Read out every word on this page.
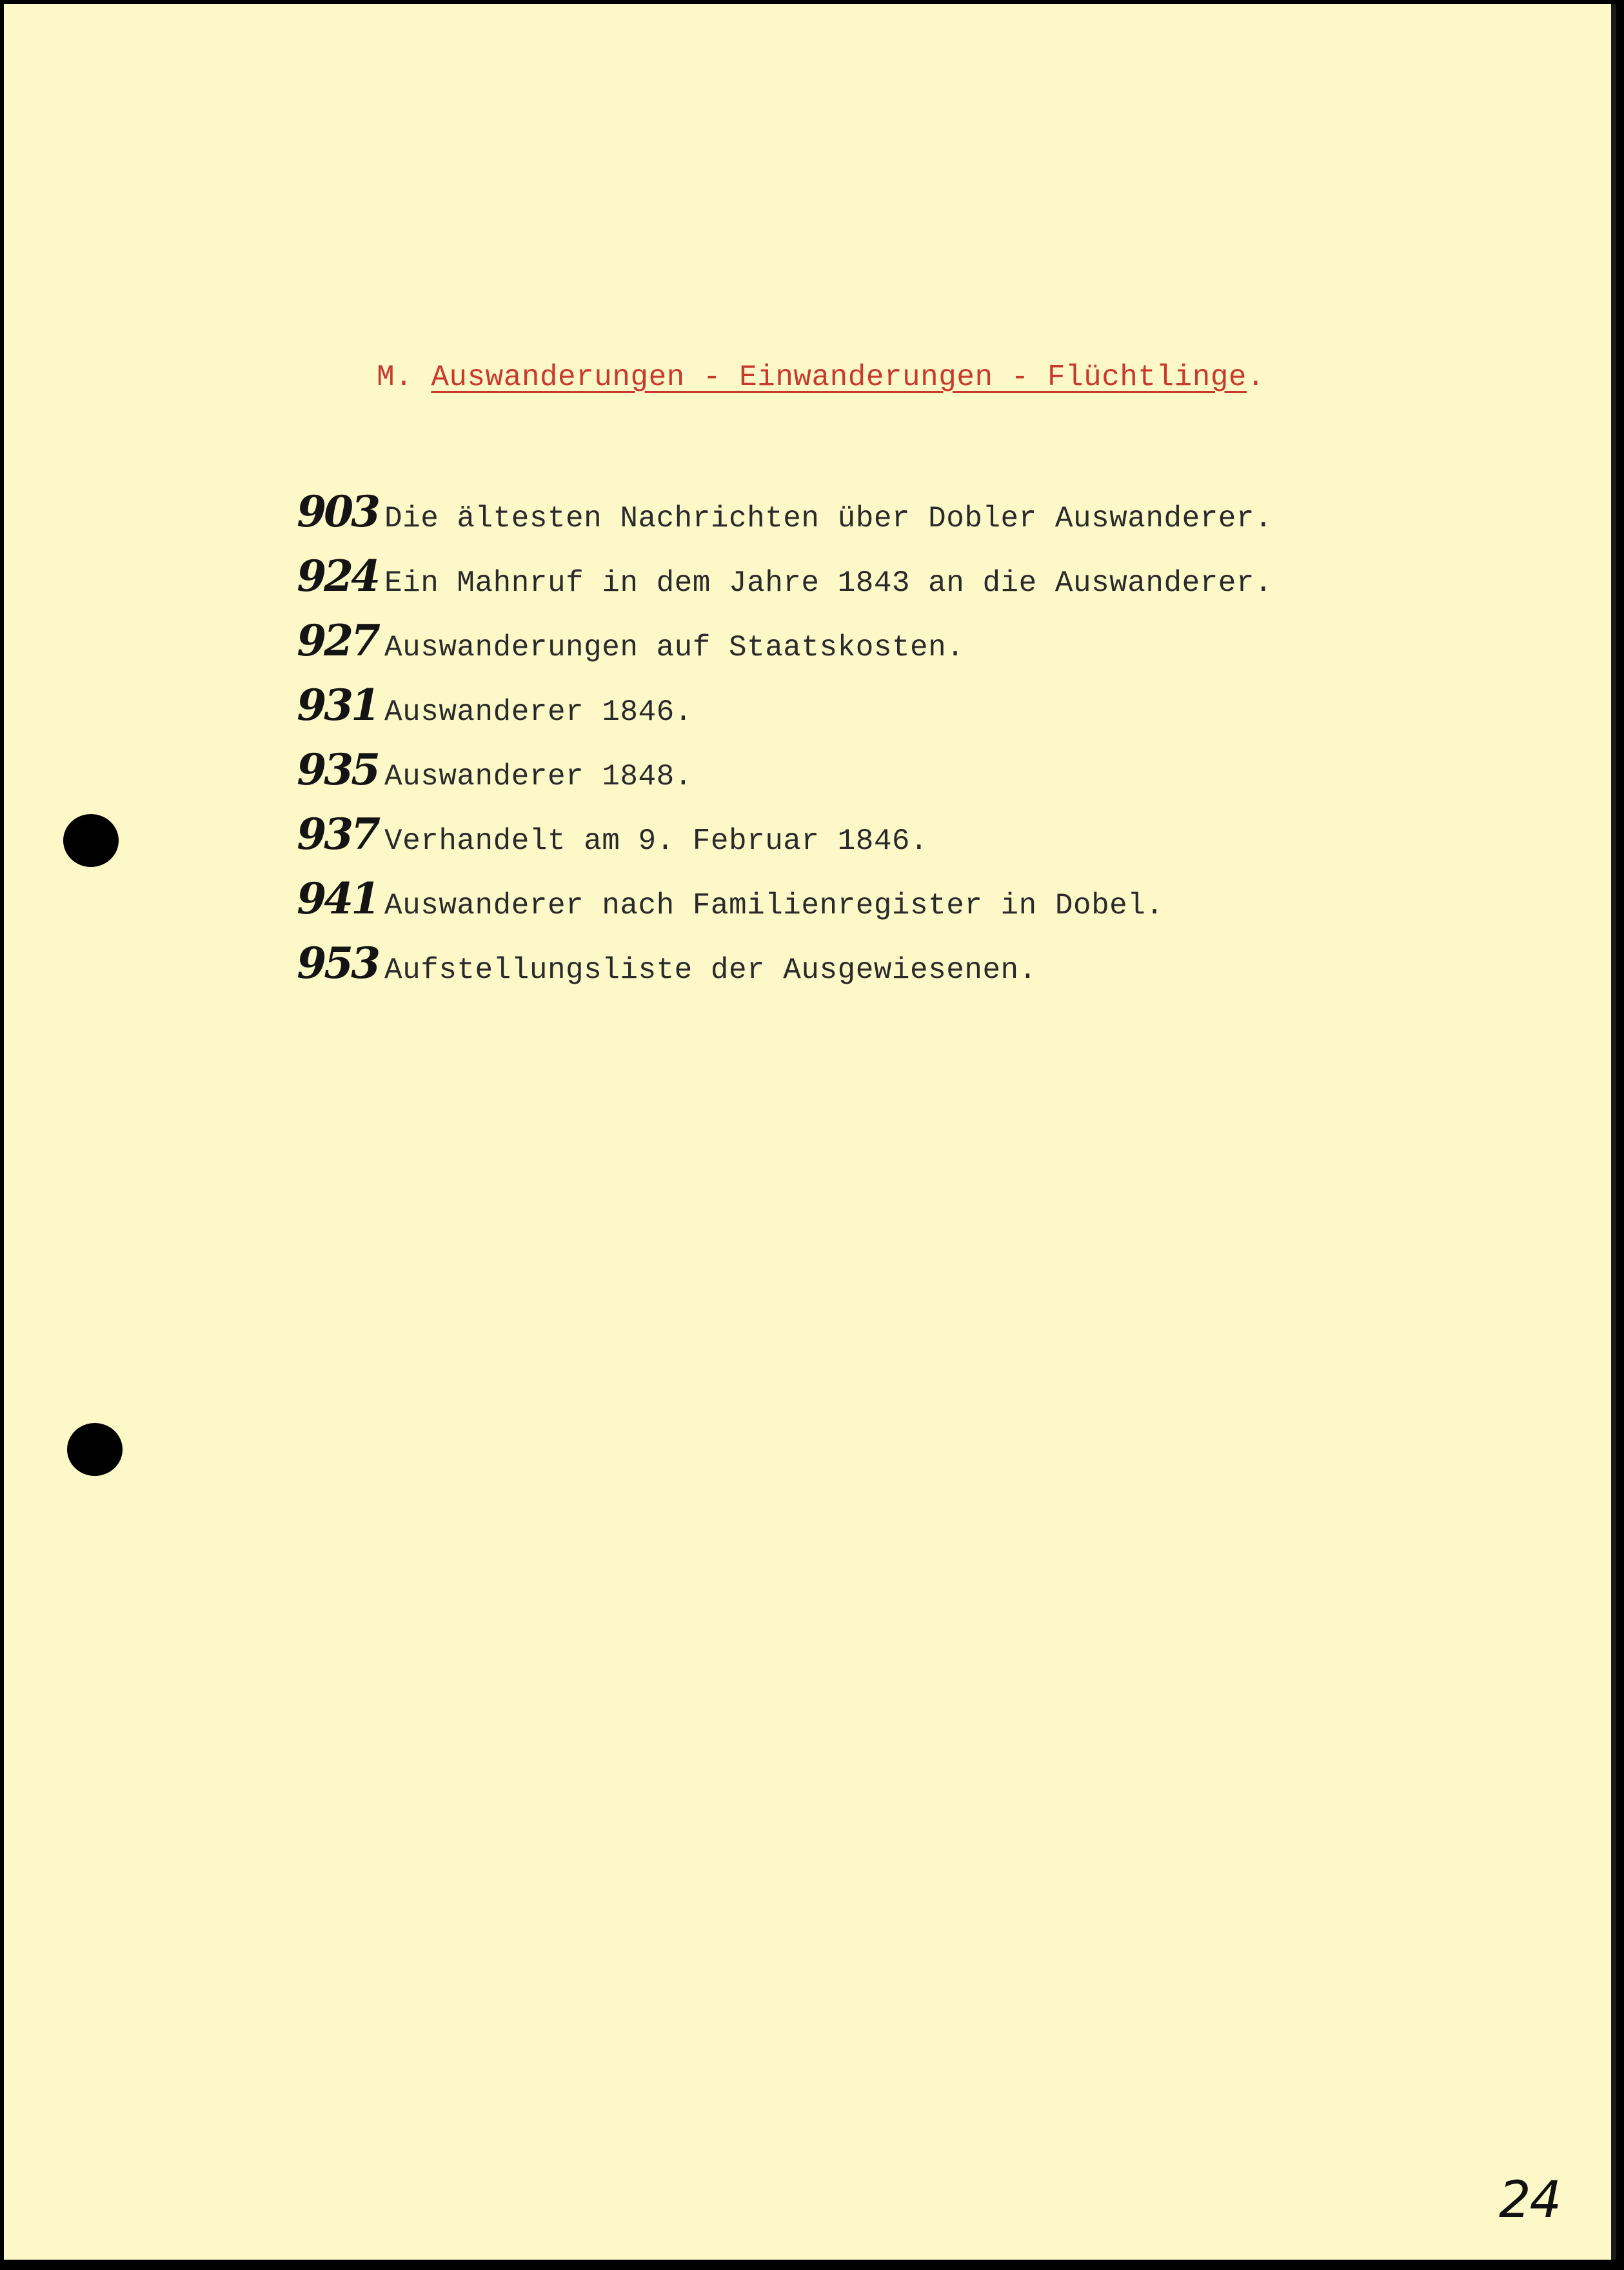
M. Auswanderungen - Einwanderungen - Flüchtlinge.
903 Die ältesten Nachrichten über Dobler Auswanderer.
924 Ein Mahnruf in dem Jahre 1843 an die Auswanderer.
927 Auswanderungen auf Staatskosten.
931 Auswanderer 1846.
935 Auswanderer 1848.
937 Verhandelt am 9. Februar 1846.
941 Auswanderer nach Familienregister in Dobel.
953 Aufstellungsliste der Ausgewiesenen.
24
